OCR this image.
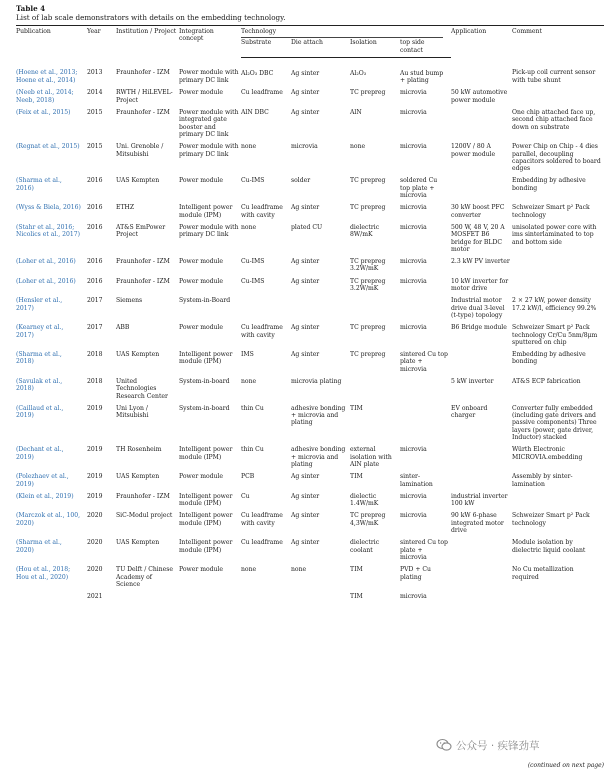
Table 4
List of lab scale demonstrators with details on the embedding technology.
Publication	Year	Institution / Project	Integration concept	Technology				Application	Comment
				Substrate	Die attach	Isolation	top side contact		
(Hoene et al., 2013; Hoene et al., 2014)	2013	Fraunhofer - IZM	Power module with primary DC link	Al₂O₃ DBC	Ag sinter	Al₂O₃	Au stud bump + plating		Pick-up coil current sensor with tube shunt
(Neeb et al., 2014; Neeb, 2018)	2014	RWTH / HiLEVEL-Project	Power module	Cu leadframe	Ag sinter	TC prepreg	microvia	50 kW automotive power module	
(Feix et al., 2015)	2015	Fraunhofer - IZM	Power module with integrated gate booster and primary DC link	AlN DBC	Ag sinter	AlN	microvia		One chip attached face up, second chip attached face down on substrate
(Regnat et al., 2015)	2015	Uni. Grenoble / Mitsubishi	Power module with primary DC link	none	microvia	none	microvia	1200V / 80 A power module	Power Chip on Chip - 4 dies parallel, decoupling capacitors soldered to board edges
(Sharma et al., 2016)	2016	UAS Kempten	Power module	Cu-IMS	solder	TC prepreg	soldered Cu top plate + microvia		Embedding by adhesive bonding
(Wyss & Biela, 2016)	2016	ETHZ	Intelligent power module (IPM)	Cu leadframe with cavity	Ag sinter	TC prepreg	microvia	30 kW boost PFC converter	Schweizer Smart p² Pack technology
(Stahr et al., 2016; Nicolics et al., 2017)	2016	AT&S EmPower Project	Power module with primary DC link	none	plated CU	dielectric 8W/mK	microvia	500 W, 48 V, 20 A MOSFET B6 bridge for BLDC motor	unisolated power core with ims sinterlaminated to top and bottom side
(Loher et al., 2016)	2016	Fraunhofer - IZM	Power module	Cu-IMS	Ag sinter	TC prepreg 3.2W/mK	microvia	2.3 kW PV inverter	
(Loher et al., 2016)	2016	Fraunhofer - IZM	Power module	Cu-IMS	Ag sinter	TC prepreg 3.2W/mK	microvia	10 kW inverter for motor drive	
(Hensler et al., 2017)	2017	Siemens	System-in-Board					Industrial motor drive dual 3-level (t-type) topology	2 × 27 kW, power density 17.2 kW/l, efficiency 99.2%
(Kearney et al., 2017)	2017	ABB	Power module	Cu leadframe with cavity	Ag sinter	TC prepreg	microvia	B6 Bridge module	Schweizer Smart p² Pack technology Cr/Cu 5nm/8μm sputtered on chip
(Sharma et al., 2018)	2018	UAS Kempten	Intelligent power module (IPM)	IMS	Ag sinter	TC prepreg	sintered Cu top plate + microvia		Embedding by adhesive bonding
(Savulak et al., 2018)	2018	United Technologies Research Center	System-in-board	none	microvia plating			5 kW inverter	AT&S ECP fabrication
(Caillaud et al., 2019)	2019	Uni Lyon / Mitsubishi	System-in-board	thin Cu	adhesive bonding + microvia and plating	TIM		EV onboard charger	Converter fully embedded (including gate drivers and passive components) Three layers (power, gate driver, Inductor) stacked
(Dechant et al., 2019)	2019	TH Rosenheim	Intelligent power module (IPM)	thin Cu	adhesive bonding + microvia and plating	external isolation with AlN plate	microvia		Würth Electronic MICROVIA.embedding
(Polezhaev et al., 2019)	2019	UAS Kempten	Power module	PCB	Ag sinter	TIM	sinter-lamination		Assembly by sinter-lamination
(Klein et al., 2019)	2019	Fraunhofer - IZM	Intelligent power module (IPM)	Cu	Ag sinter	dielectic 1.4W/mK	microvia	industrial inverter 100 kW	
(Marczok et al., 100, 2020)	2020	SiC-Modul project	Intelligent power module (IPM)	Cu leadframe with cavity	Ag sinter	TC prepreg 4,3W/mK	microvia	90 kW 6-phase integrated motor drive	Schweizer Smart p² Pack technology
(Sharma et al., 2020)	2020	UAS Kempten	Intelligent power module (IPM)	Cu leadframe	Ag sinter	dielectric coolant	sintered Cu top plate + microvia		Module isolation by dielectric liquid coolant
(Hou et al., 2018; Hou et al., 2020)	2020	TU Delft / Chinese Academy of Science	Power module	none	none	TIM	PVD + Cu plating		No Cu metallization required
	2021					TIM	microvia		
(continued on next page)
公众号 · 疾锋劲草
